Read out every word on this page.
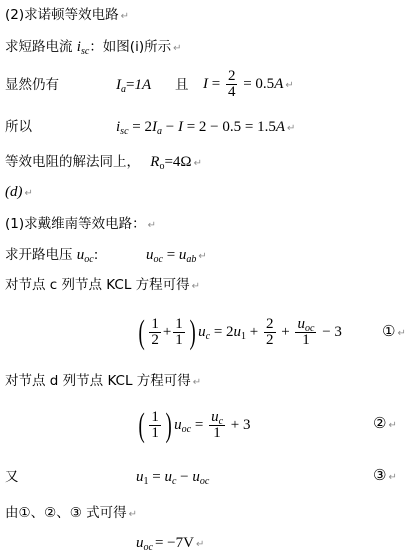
(2)求诺顿等效电路 ↵
求短路电流 $i_{sc}$：如图(i)所示 ↵
显然仍有	$I_a=1A$ 且 $I = \frac{2}{4} = 0.5A$ ↵
所以	$i_{sc} = 2I_a - I = 2 - 0.5 = 1.5A$ ↵
等效电阻的解法同上， $R_o=4\Omega$ ↵
(d) ↵
(1)求戴维南等效电路： ↵
求开路电压 $u_{oc}$:	$u_{oc} = u_{ab}$ ↵
对节点 c 列节点 KCL 方程可得 ↵
( $\frac{1}{2} + \frac{1}{1}$ ) $u_c = 2u_1 + \frac{2}{2} + \frac{u_{oc}}{1} - 3$	① ↵
对节点 d 列节点 KCL 方程可得 ↵
( $\frac{1}{1}$ ) $u_{oc} = \frac{u_c}{1} + 3$	② ↵
又	$u_1 = u_c - u_{oc}$	③ ↵
由①、②、③ 式可得 ↵
$u_{oc} = -7V$ ↵
